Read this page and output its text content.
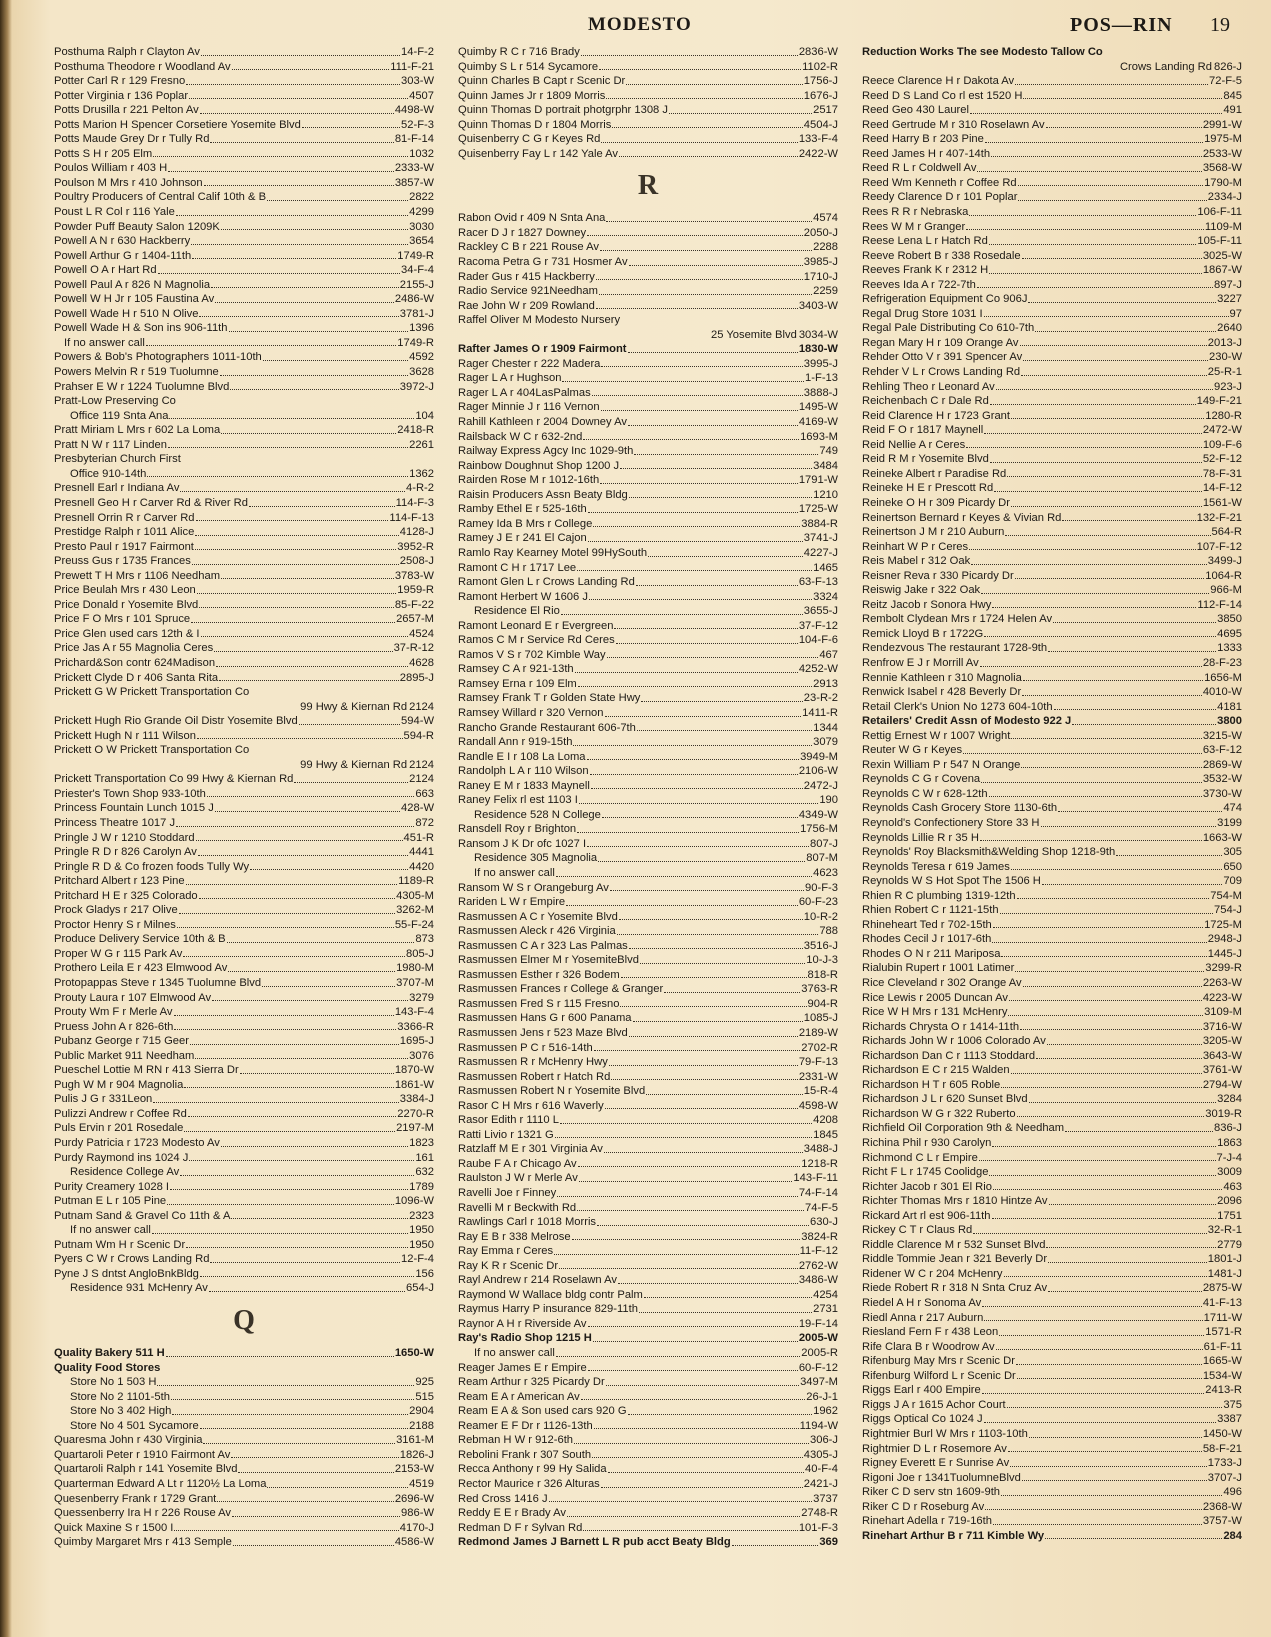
MODESTO	POS—RIN 19
Posthuma Ralph r Clayton Av	14-F-2
Posthuma Theodore r Woodland Av	111-F-21
Potter Carl R r 129 Fresno	303-W
Potter Virginia r 136 Poplar	4507
Potts Drusilla r 221 Pelton Av	4498-W
Potts Marion H Spencer Corsetiere Yosemite Blvd	52-F-3
Potts Maude Grey Dr r Tully Rd	81-F-14
Potts S H r 205 Elm	1032
Poulos William r 403 H	2333-W
Poulson M Mrs r 410 Johnson	3857-W
Poultry Producers of Central Calif 10th & B	2822
Poust L R Col r 116 Yale	4299
Powder Puff Beauty Salon 1209K	3030
Powell A N r 630 Hackberry	3654
Powell Arthur G r 1404-11th	1749-R
Powell O A r Hart Rd	34-F-4
Powell Paul A r 826 N Magnolia	2155-J
Powell W H Jr r 105 Faustina Av	2486-W
Powell Wade H r 510 N Olive	3781-J
Powell Wade H & Son ins 906-11th	1396
If no answer call	1749-R
Powers & Bob's Photographers 1011-10th	4592
Powers Melvin R r 519 Tuolumne	3628
Prahser E W r 1224 Tuolumne Blvd	3972-J
Pratt-Low Preserving Co
Office 119 Snta Ana	104
Pratt Miriam L Mrs r 602 La Loma	2418-R
Pratt N W r 117 Linden	2261
Presbyterian Church First
Office 910-14th	1362
Presnell Earl r Indiana Av	4-R-2
Presnell Geo H r Carver Rd & River Rd	114-F-3
Presnell Orrin R r Carver Rd	114-F-13
Prestidge Ralph r 1011 Alice	4128-J
Presto Paul r 1917 Fairmont	3952-R
Preuss Gus r 1735 Frances	2508-J
Prewett T H Mrs r 1106 Needham	3783-W
Price Beulah Mrs r 430 Leon	1959-R
Price Donald r Yosemite Blvd	85-F-22
Price F O Mrs r 101 Spruce	2657-M
Price Glen used cars 12th & I	4524
Price Jas A r 55 Magnolia Ceres	37-R-12
Prichard&Son contr 624Madison	4628
Prickett Clyde D r 406 Santa Rita	2895-J
Prickett G W Prickett Transportation Co
99 Hwy & Kiernan Rd 2124
Prickett Hugh Rio Grande Oil Distr Yosemite Blvd	594-W
Prickett Hugh N r 111 Wilson	594-R
Prickett O W Prickett Transportation Co
99 Hwy & Kiernan Rd 2124
Prickett Transportation Co 99 Hwy & Kiernan Rd	2124
Priester's Town Shop 933-10th	663
Princess Fountain Lunch 1015 J	428-W
Princess Theatre 1017 J	872
Pringle J W r 1210 Stoddard	451-R
Pringle R D r 826 Carolyn Av	4441
Pringle R D & Co frozen foods Tully Wy	4420
Pritchard Albert r 123 Pine	1189-R
Pritchard H E r 325 Colorado	4305-M
Prock Gladys r 217 Olive	3262-M
Proctor Henry S r Milnes	55-F-24
Produce Delivery Service 10th & B	873
Proper W G r 115 Park Av	805-J
Prothero Leila E r 423 Elmwood Av	1980-M
Protopappas Steve r 1345 Tuolumne Blvd	3707-M
Prouty Laura r 107 Elmwood Av	3279
Prouty Wm F r Merle Av	143-F-4
Pruess John A r 826-6th	3366-R
Pubanz George r 715 Geer	1695-J
Public Market 911 Needham	3076
Pueschel Lottie M RN r 413 Sierra Dr	1870-W
Pugh W M r 904 Magnolia	1861-W
Pulis J G r 331Leon	3384-J
Pulizzi Andrew r Coffee Rd	2270-R
Puls Ervin r 201 Rosedale	2197-M
Purdy Patricia r 1723 Modesto Av	1823
Purdy Raymond ins 1024 J	161
Residence College Av	632
Purity Creamery 1028 I	1789
Putman E L r 105 Pine	1096-W
Putnam Sand & Gravel Co 11th & A	2323
If no answer call	1950
Putnam Wm H r Scenic Dr	1950
Pyers C W r Crows Landing Rd	12-F-4
Pyne J S dntst AngloBnkBldg	156
Residence 931 McHenry Av	654-J
Q
Quality Bakery 511 H	1650-W
Quality Food Stores
Store No 1 503 H	925
Store No 2 1101-5th	515
Store No 3 402 High	2904
Store No 4 501 Sycamore	2188
Quaresma John r 430 Virginia	3161-M
Quartaroli Peter r 1910 Fairmont Av	1826-J
Quartaroli Ralph r 141 Yosemite Blvd	2153-W
Quarterman Edward A Lt r 1120½ La Loma	4519
Quesenberry Frank r 1729 Grant	2696-W
Quessenberry Ira H r 226 Rouse Av	986-W
Quick Maxine S r 1500 I	4170-J
Quimby Margaret Mrs r 413 Semple	4586-W
Quimby R C r 716 Brady	2836-W
Quimby S L r 514 Sycamore	1102-R
Quinn Charles B Capt r Scenic Dr	1756-J
Quinn James Jr r 1809 Morris	1676-J
Quinn Thomas D portrait photgrphr 1308 J	2517
Quinn Thomas D r 1804 Morris	4504-J
Quisenberry C G r Keyes Rd	133-F-4
Quisenberry Fay L r 142 Yale Av	2422-W
R
Rabon Ovid r 409 N Snta Ana	4574
Racer D J r 1827 Downey	2050-J
Rackley C B r 221 Rouse Av	2288
Racoma Petra G r 731 Hosmer Av	3985-J
Rader Gus r 415 Hackberry	1710-J
Radio Service 921Needham	2259
Rae John W r 209 Rowland	3403-W
Raffel Oliver M Modesto Nursery
25 Yosemite Blvd 3034-W
Rafter James O r 1909 Fairmont	1830-W
Rager Chester r 222 Madera	3995-J
Rager L A r Hughson	1-F-13
Rager L A r 404LasPalmas	3888-J
Rager Minnie J r 116 Vernon	1495-W
Rahill Kathleen r 2004 Downey Av	4169-W
Railsback W C r 632-2nd	1693-M
Railway Express Agcy Inc 1029-9th	749
Rainbow Doughnut Shop 1200 J	3484
Rairden Rose M r 1012-16th	1791-W
Raisin Producers Assn Beaty Bldg	1210
Ramby Ethel E r 525-16th	1725-W
Ramey Ida B Mrs r College	3884-R
Ramey J E r 241 El Cajon	3741-J
Ramlo Ray Kearney Motel 99HySouth	4227-J
Ramont C H r 1717 Lee	1465
Ramont Glen L r Crows Landing Rd	63-F-13
Ramont Herbert W 1606 J	3324
Residence El Rio	3655-J
Ramont Leonard E r Evergreen	37-F-12
Ramos C M r Service Rd Ceres	104-F-6
Ramos V S r 702 Kimble Way	467
Ramsey C A r 921-13th	4252-W
Ramsey Erna r 109 Elm	2913
Ramsey Frank T r Golden State Hwy	23-R-2
Ramsey Willard r 320 Vernon	1411-R
Rancho Grande Restaurant 606-7th	1344
Randall Ann r 919-15th	3079
Randle E I r 108 La Loma	3949-M
Randolph L A r 110 Wilson	2106-W
Raney E M r 1833 Maynell	2472-J
Raney Felix rl est 1103 I	190
Residence 528 N College	4349-W
Ransdell Roy r Brighton	1756-M
Ransom J K Dr ofc 1027 I	807-J
Residence 305 Magnolia	807-M
If no answer call	4623
Ransom W S r Orangeburg Av	90-F-3
Rariden L W r Empire	60-F-23
Rasmussen A C r Yosemite Blvd	10-R-2
Rasmussen Aleck r 426 Virginia	788
Rasmussen C A r 323 Las Palmas	3516-J
Rasmussen Elmer M r YosemiteBlvd	10-J-3
Rasmussen Esther r 326 Bodem	818-R
Rasmussen Frances r College & Granger	3763-R
Rasmussen Fred S r 115 Fresno	904-R
Rasmussen Hans G r 600 Panama	1085-J
Rasmussen Jens r 523 Maze Blvd	2189-W
Rasmussen P C r 516-14th	2702-R
Rasmussen R r McHenry Hwy	79-F-13
Rasmussen Robert r Hatch Rd	2331-W
Rasmussen Robert N r Yosemite Blvd	15-R-4
Rasor C H Mrs r 616 Waverly	4598-W
Rasor Edith r 1110 L	4208
Ratti Livio r 1321 G	1845
Ratzlaff M E r 301 Virginia Av	3488-J
Raube F A r Chicago Av	1218-R
Raulston J W r Merle Av	143-F-11
Ravelli Joe r Finney	74-F-14
Ravelli M r Beckwith Rd	74-F-5
Rawlings Carl r 1018 Morris	630-J
Ray E B r 338 Melrose	3824-R
Ray Emma r Ceres	11-F-12
Ray K R r Scenic Dr	2762-W
Rayl Andrew r 214 Roselawn Av	3486-W
Raymond W Wallace bldg contr Palm	4254
Raymus Harry P insurance 829-11th	2731
Raynor A H r Riverside Av	19-F-14
Ray's Radio Shop 1215 H	2005-W
If no answer call	2005-R
Reager James E r Empire	60-F-12
Ream Arthur r 325 Picardy Dr	3497-M
Ream E A r American Av	26-J-1
Ream E A & Son used cars 920 G	1962
Reamer E F Dr r 1126-13th	1194-W
Rebman H W r 912-6th	306-J
Rebolini Frank r 307 South	4305-J
Recca Anthony r 99 Hy Salida	40-F-4
Rector Maurice r 326 Alturas	2421-J
Red Cross 1416 J	3737
Reddy E E r Brady Av	2748-R
Redman D F r Sylvan Rd	101-F-3
Redmond James J Barnett L R pub acct Beaty Bldg	369
Reduction Works The see Modesto Tallow Co
Crows Landing Rd 826-J
Reece Clarence H r Dakota Av	72-F-5
Reed D S Land Co rl est 1520 H	845
Reed Geo 430 Laurel	491
Reed Gertrude M r 310 Roselawn Av	2991-W
Reed Harry B r 203 Pine	1975-M
Reed James H r 407-14th	2533-W
Reed R L r Coldwell Av	3568-W
Reed Wm Kenneth r Coffee Rd	1790-M
Reedy Clarence D r 101 Poplar	2334-J
Rees R R r Nebraska	106-F-11
Rees W M r Granger	1109-M
Reese Lena L r Hatch Rd	105-F-11
Reeve Robert B r 338 Rosedale	3025-W
Reeves Frank K r 2312 H	1867-W
Reeves Ida A r 722-7th	897-J
Refrigeration Equipment Co 906J	3227
Regal Drug Store 1031 I	97
Regal Pale Distributing Co 610-7th	2640
Regan Mary H r 109 Orange Av	2013-J
Rehder Otto V r 391 Spencer Av	230-W
Rehder V L r Crows Landing Rd	25-R-1
Rehling Theo r Leonard Av	923-J
Reichenbach C r Dale Rd	149-F-21
Reid Clarence H r 1723 Grant	1280-R
Reid F O r 1817 Maynell	2472-W
Reid Nellie A r Ceres	109-F-6
Reid R M r Yosemite Blvd	52-F-12
Reineke Albert r Paradise Rd	78-F-31
Reineke H E r Prescott Rd	14-F-12
Reineke O H r 309 Picardy Dr	1561-W
Reinertson Bernard r Keyes & Vivian Rd	132-F-21
Reinertson J M r 210 Auburn	564-R
Reinhart W P r Ceres	107-F-12
Reis Mabel r 312 Oak	3499-J
Reisner Reva r 330 Picardy Dr	1064-R
Reiswig Jake r 322 Oak	966-M
Reitz Jacob r Sonora Hwy	112-F-14
Rembolt Clydean Mrs r 1724 Helen Av	3850
Remick Lloyd B r 1722G	4695
Rendezvous The restaurant 1728-9th	1333
Renfrow E J r Morrill Av	28-F-23
Rennie Kathleen r 310 Magnolia	1656-M
Renwick Isabel r 428 Beverly Dr	4010-W
Retail Clerk's Union No 1273 604-10th	4181
Retailers' Credit Assn of Modesto 922 J	3800
Rettig Ernest W r 1007 Wright	3215-W
Reuter W G r Keyes	63-F-12
Rexin William P r 547 N Orange	2869-W
Reynolds C G r Covena	3532-W
Reynolds C W r 628-12th	3730-W
Reynolds Cash Grocery Store 1130-6th	474
Reynold's Confectionery Store 33 H	3199
Reynolds Lillie R r 35 H	1663-W
Reynolds' Roy Blacksmith&Welding Shop 1218-9th	305
Reynolds Teresa r 619 James	650
Reynolds W S Hot Spot The 1506 H	709
Rhien R C plumbing 1319-12th	754-M
Rhien Robert C r 1121-15th	754-J
Rhineheart Ted r 702-15th	1725-M
Rhodes Cecil J r 1017-6th	2948-J
Rhodes O N r 211 Mariposa	1445-J
Rialubin Rupert r 1001 Latimer	3299-R
Rice Cleveland r 302 Orange Av	2263-W
Rice Lewis r 2005 Duncan Av	4223-W
Rice W H Mrs r 131 McHenry	3109-M
Richards Chrysta O r 1414-11th	3716-W
Richards John W r 1006 Colorado Av	3205-W
Richardson Dan C r 1113 Stoddard	3643-W
Richardson E C r 215 Walden	3761-W
Richardson H T r 605 Roble	2794-W
Richardson J L r 620 Sunset Blvd	3284
Richardson W G r 322 Ruberto	3019-R
Richfield Oil Corporation 9th & Needham	836-J
Richina Phil r 930 Carolyn	1863
Richmond C L r Empire	7-J-4
Richt F L r 1745 Coolidge	3009
Richter Jacob r 301 El Rio	463
Richter Thomas Mrs r 1810 Hintze Av	2096
Rickard Art rl est 906-11th	1751
Rickey C T r Claus Rd	32-R-1
Riddle Clarence M r 532 Sunset Blvd	2779
Riddle Tommie Jean r 321 Beverly Dr	1801-J
Ridener W C r 204 McHenry	1481-J
Riede Robert R r 318 N Snta Cruz Av	2875-W
Riedel A H r Sonoma Av	41-F-13
Riedl Anna r 217 Auburn	1711-W
Riesland Fern F r 438 Leon	1571-R
Rife Clara B r Woodrow Av	61-F-11
Rifenburg May Mrs r Scenic Dr	1665-W
Rifenburg Wilford L r Scenic Dr	1534-W
Riggs Earl r 400 Empire	2413-R
Riggs J A r 1615 Achor Court	375
Riggs Optical Co 1024 J	3387
Rightmier Burl W Mrs r 1103-10th	1450-W
Rightmier D L r Rosemore Av	58-F-21
Rigney Everett E r Sunrise Av	1733-J
Rigoni Joe r 1341TuolumneBlvd	3707-J
Riker C D serv stn 1609-9th	496
Riker C D r Roseburg Av	2368-W
Rinehart Adella r 719-16th	3757-W
Rinehart Arthur B r 711 Kimble Wy	284
